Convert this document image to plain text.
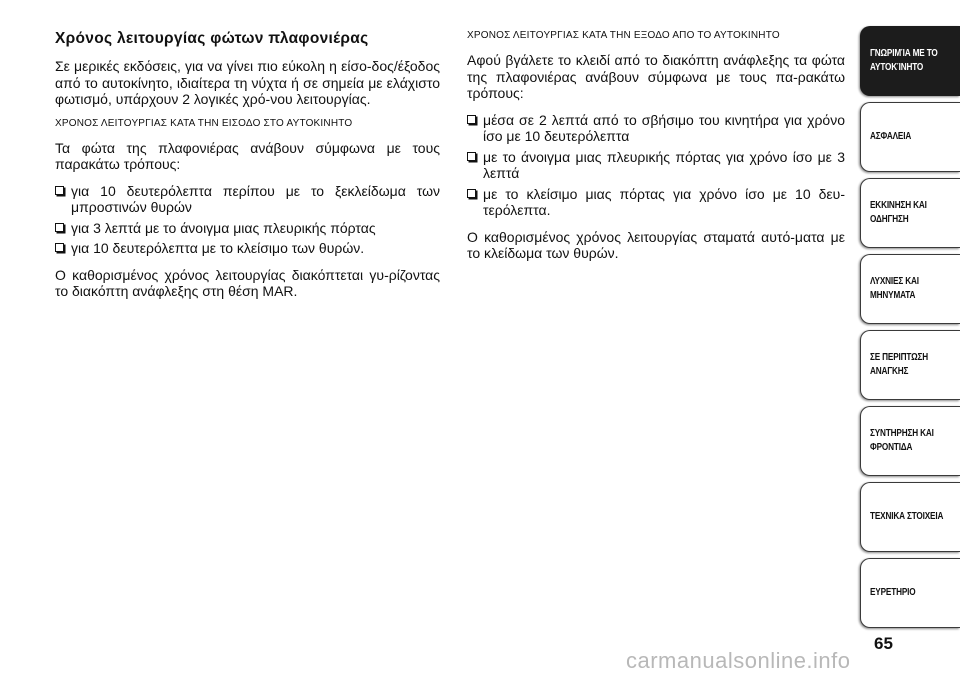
Χρόνος λειτουργίας φώτων πλαφονιέρας

Σε μερικές εκδόσεις, για να γίνει πιο εύκολη η είσο-δος/έξοδος από το αυτοκίνητο, ιδιαίτερα τη νύχτα ή σε σημεία με ελάχιστο φωτισμό, υπάρχουν 2 λογικές χρό-νου λειτουργίας.

ΧΡΟΝΟΣ ΛΕΙΤΟΥΡΓΙΑΣ ΚΑΤΑ ΤΗΝ ΕΙΣΟΔΟ ΣΤΟ ΑΥΤΟΚΙΝΗΤΟ

Τα φώτα της πλαφονιέρας ανάβουν σύμφωνα με τους παρακάτω τρόπους:

για 10 δευτερόλεπτα περίπου με το ξεκλείδωμα των μπροστινών θυρών
για 3 λεπτά με το άνοιγμα μιας πλευρικής πόρτας
για 10 δευτερόλεπτα με το κλείσιμο των θυρών.

Ο καθορισμένος χρόνος λειτουργίας διακόπτεται γυ-ρίζοντας το διακόπτη ανάφλεξης στη θέση MAR.

ΧΡΟΝΟΣ ΛΕΙΤΟΥΡΓΙΑΣ ΚΑΤΑ ΤΗΝ ΕΞΟΔΟ ΑΠΟ ΤΟ ΑΥΤΟΚΙΝΗΤΟ

Αφού βγάλετε το κλειδί από το διακόπτη ανάφλεξης τα φώτα της πλαφονιέρας ανάβουν σύμφωνα με τους πα-ρακάτω τρόπους:

μέσα σε 2 λεπτά από το σβήσιμο του κινητήρα για χρόνο ίσο με 10 δευτερόλεπτα
με το άνοιγμα μιας πλευρικής πόρτας για χρόνο ίσο με 3 λεπτά
με το κλείσιμο μιας πόρτας για χρόνο ίσο με 10 δευ-τερόλεπτα.

Ο καθορισμένος χρόνος λειτουργίας σταματά αυτό-ματα με το κλείδωμα των θυρών.

ΓΝΩΡΙΜΊΑ ΜΕ ΤΟ
ΑΥΤΟΚΊΝΗΤΟ
ΑΣΦΑΛΕΙΑ
ΕΚΚΙΝΗΣΗ ΚΑΙ
ΟΔΗΓΗΣΗ
ΛΥΧΝΙΕΣ ΚΑΙ
ΜΗΝΥΜΑΤΑ
ΣΕ ΠΕΡΙΠΤΩΣΗ
ΑΝΑΓΚΗΣ
ΣΥΝΤΗΡΗΣΗ ΚΑΙ
ΦΡΟΝΤΙΔΑ
ΤΕΧΝΙΚΑ ΣΤΟΙΧΕΙΑ
ΕΥΡΕΤΗΡΙΟ
65
carmanualsonline.info
